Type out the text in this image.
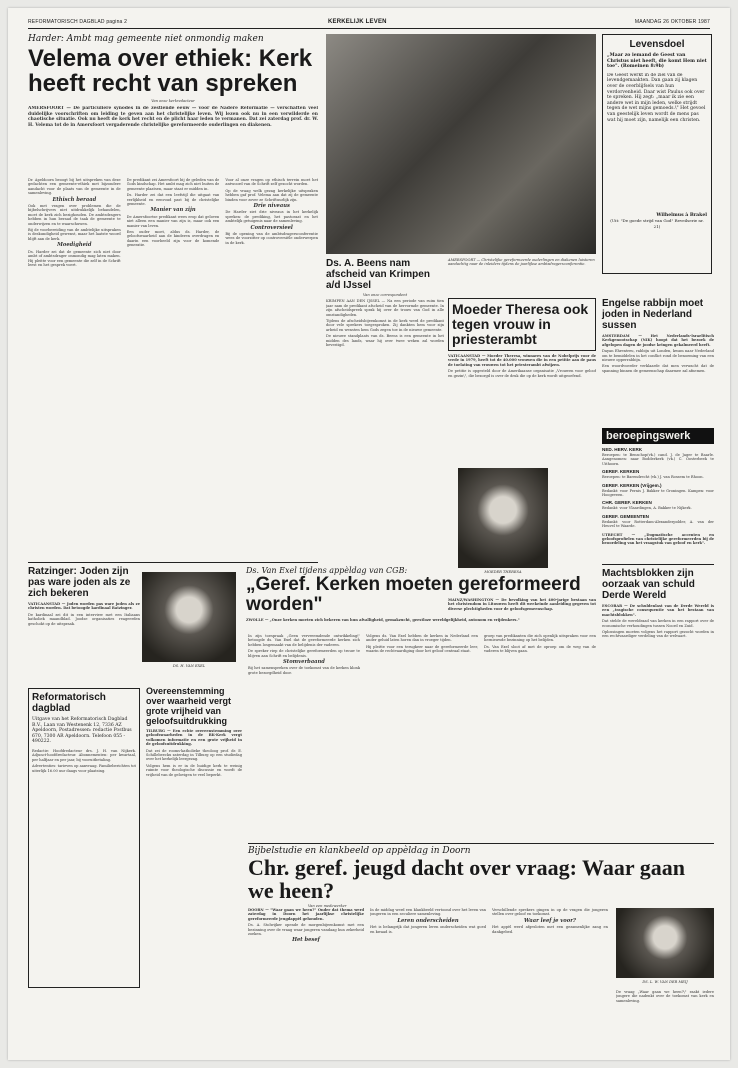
REFORMATORISCH DAGBLAD pagina 2	KERKELIJK LEVEN	MAANDAG 26 OKTOBER 1987
Harder: Ambt mag gemeente niet onmondig maken
Velema over ethiek: Kerk heeft recht van spreken
Van onze kerkredacteur
AMERSFOORT — De particuliere synodes in de zestiende eeuw — voor de Nadere Reformatie — verschaften veel duidelijke voorschriften om leiding te geven aan het christelijke leven. Wij lezen ook nu in een verwilderde en chaotische situatie. Ook nu heeft de kerk het recht en de plicht haar leden te vermanen. Dat zei zaterdag prof. dr. W. H. Velema tot de in Amersfoort vergaderende christelijke gereformeerde ouderlingen en diakenen.

Dr. Apeldoorn beoogt bij het uitspreken van deze gedachten een gemeente-ethiek met bijzondere aandacht voor de plaats van de gemeente in de samenleving.

Ethisch beraad

Ook met vragen over problemen die de bijbelschrijvers niet uitdrukkelijk behandelen, moet de kerk zich bezighouden. De ambtsdragers hebben in hun beraad de taak de gemeente te onderwijzen en te waarschuwen.

Bij de voorbereiding van de ambtelijke uitspraken is deskundigheid gewenst, maar het laatste woord blijft aan de kerk.

Moedigheid

Ds. Harder zei dat de gemeente zich niet door ambt of ambtsdrager onmondig mag laten maken. Hij pleitte voor een gemeente die zelf in de Schrift leest en het gesprek voert.

De predikant zei Amersfoort bij de geleden van de Gods kindschap. Het ambt mag zich niet buiten de gemeente plaatsen, maar staat er midden in.

Ds. Harder zei dat een leefstijl die uitgaat van eerlijkheid en eenvoud past bij de christelijke gemeente.

Manier van zijn

De Amersfoortse predikant wees erop dat geloven niet alleen een manier van zijn is, maar ook een manier van leven.

Een ouder moet, aldus ds. Harder, de geloofswaarheid aan de kinderen overdragen en daarin een voorbeeld zijn voor de komende generatie.

Voor al onze vragen op ethisch terrein moet het antwoord van de Schrift zelf gezocht worden.

Op de vraag welk gezag kerkelijke uitspraken hebben gaf prof. Velema aan dat zij de gemeente binden voor zover ze Schriftuurlijk zijn.

Drie niveaus

De Harder ziet drie niveaus in het kerkelijk spreken: de prediking, het pastoraat en het ambtelijk getuigenis naar de samenleving.

Controversieel

Bij de opening van de ambtsdragersconferentie wees de voorzitter op controversiële onderwerpen in de kerk.

AMERSFOORT — Christelijke gereformeerde ouderlingen en diakenen luisteren aandachtig naar de inleiders tijdens de jaarlijkse ambtsdragersconferentie.
Ds. A. Beens nam afscheid van Krimpen a/d IJssel
Van onze correspondent

KRIMPEN AAN DEN IJSSEL — Na een periode van ruim tien jaar nam de predikant afscheid van de hervormde gemeente. In zijn afscheidspreek sprak hij over de trouw van God in alle omstandigheden.

Tijdens de afscheidsbijeenkomst in de kerk werd de predikant door vele sprekers toegesproken. Zij dankten hem voor zijn arbeid en wensten hem Gods zegen toe in de nieuwe gemeente.

De nieuwe standplaats van ds. Beens is een gemeente in het midden des lands, waar hij over twee weken zal worden bevestigd.

Moeder Theresa ook tegen vrouw in priesterambt

VATICAANSTAD — Moeder Theresa, winnares van de Nobelprijs voor de vrede in 1979, heeft tot de 40.000 vrouwen die in een petitie aan de paus de toelating van vrouwen tot het priesterambt afwijzen.

De petitie is opgesteld door de Amerikaanse organisatie „Vrouwen voor geloof en gezin\", die bezorgd is over de druk die op de kerk wordt uitgeoefend.

MOEDER THERESA
Engelse rabbijn moet joden in Nederland sussen

AMSTERDAM — Het Nederlands-Israelitisch Kerkgenootschap (NIK) hoopt dat het bezoek de afgelopen dagen de joodse kringen gekalmeerd heeft.

Dayan Ehrentreu, rabbijn uit Londen, kwam naar Nederland om te bemiddelen in het conflict rond de benoeming van een nieuwe opperrabbijn.

Een woordvoerder verklaarde dat men verwacht dat de spanning binnen de gemeenschap daarmee zal afnemen.

Levensdoel
„Maar zo iemand de Geest van Christus niet heeft, die komt Hem niet toe". (Romeinen 8:9b)
De Geest werkt in de ziel van de levendgemaakten. Dan gaan zij klagen over de overblijfsels van hun verdorvenheid. Daar wist Paulus ook over te spreken. Hij zegt: „maar ik zie een andere wet in mijn leden, welke strijdt tegen de wet mijns gemoeds.\" Het gevoel van geestelijk leven wordt de mens pas wat hij moet zijn, namelijk een christen.
Wilhelmus à Brakel
(Uit: "De goede strijd van God" Reveilserie nr. 21)
beroepingswerk
NED. HERV. KERK
Beroepen: te Benschop(vk.) cand. J. de Jager te Baarle. Aangenomen: naar Bodderkerk (vk.) C. Oosterbeek te Uithoorn.
GEREF. KERKEN
Beroepen: te Barendrecht (vk.) J. van Rossem te Rhoon.
GEREF. KERKEN (Vrijgem.)
Bedankt: voor Pernis J. Bakker te Groningen. Kampen: voor Hoogeveen.
CHR. GEREF. KERKEN
Bedankt: voor Vlaardingen, A. Bakker te Nijkerk.
GEREF. GEMEENTEN
Bedankt: voor Rotterdam-Alexanderpolder, A. van der Heuvel te Waarde.
UTRECHT — „Dogmatische accenten en geloofsprofielen van christelijke gereformeerden bij de beoordeling van het vraagstuk van geloof en kerk".
Machtsblokken zijn oorzaak van schuld Derde Wereld

ESCOBAR — De schuldenlast van de Derde Wereld is een „tragische consequentie van het bestaan van machtsblokken".

Dat stelde de wereldraad van kerken in een rapport over de economische verhoudingen tussen Noord en Zuid.

Oplossingen moeten volgens het rapport gezocht worden in een rechtvaardiger verdeling van de welvaart.

Ratzinger: Joden zijn pas ware joden als ze zich bekeren

VATICAANSTAD — Joden worden pas ware joden als ze christen worden. Dat betoogde kardinaal Ratzinger.

De kardinaal zei dit in een interview met een Italiaans katholiek maandblad. Joodse organisaties reageerden geschokt op de uitspraak.

Reformatorisch dagblad
Uitgave van het Reformatorisch Dagblad B.V., Laan van Westenenk 12, 7336 AZ Apeldoorn, Postadressen: redactie Postbus 670, 7300 AR Apeldoorn. Telefoon 055 - 490222.

Redactie: Hoofdredacteur drs. J. H. van Nijkerk. Adjunct-hoofdredacteur. Abonnementen: per kwartaal, per halfjaar en per jaar, bij vooruitbetaling.

Advertenties: tarieven op aanvraag. Familieberichten tot uiterlijk 16.00 uur daags voor plaatsing.

Ds. Van Exel tijdens appèldag van CGB:
„Geref. Kerken moeten gereformeerd worden"
ZWOLLE — „Onze kerken moeten zich bekeren van hun afvalligheid, gemakzucht, geestloze wereldgelijkheid, autonom en vrijdenkers."
DS. H. VAN EXEL

In zijn toespraak „Geen vervreemdende ontwikkeling\" betoogde ds. Van Exel dat de gereformeerde kerken zich hebben losgemaakt van de belijdenis der vaderen.

De spreker riep de christelijke gereformeerden op trouw te blijven aan Schrift en belijdenis.

Stomverbaand

Bij het samenspreken over de toekomst van de kerken klonk grote bezorgdheid door.

Volgens ds. Van Exel hebben de kerken in Nederland een ander geluid laten horen dan in vroeger tijden.

Hij pleitte voor een terugkeer naar de gereformeerde leer, waarin de rechtvaardiging door het geloof centraal staat.

groep van predikanten die zich openlijk uitspraken voor een hernieuwde bezinning op het belijden.

Ds. Van Exel sloot af met de oproep om de weg van de vaderen te blijven gaan.

Overeenstemming over waarheid vergt grote vrijheid van geloofsuitdrukking

TILBURG — Een echte overeenstemming over geloofswaarheden in de RK-Kerk vergt volkomen informatie en een grote vrijheid in de geloofsuitdrukking.

Dat zei de rooms-katholieke theoloog prof. dr. E. Schillebeeckx zaterdag in Tilburg op een studiedag over het kerkelijk leergezag.

Volgens hem is er in de huidige kerk te weinig ruimte voor theologische discussie en wordt de vrijheid van de gelovigen te veel beperkt.

MAINZ/WASHINGTON — De bevolking van het 400-jarige bestaan van het christendom in Litouwen heeft dit weekeinde aanleiding gegeven tot diverse plechtigheden voor de geloofsgemeenschap.
Bijbelstudie en klankbeeld op appèldag in Doorn
Chr. geref. jeugd dacht over vraag: Waar gaan we heen?
Van een medewerker

DOORN — "Waar gaan we heen?" Onder dat thema werd zaterdag in Doorn het jaarlijkse christelijke gereformeerde jeugdappèl gehouden.

Ds. A. Stolwijker opende de morgenbijeenkomst met een bezinning over de vraag waar jongeren vandaag hun zekerheid zoeken.

Het besef

In de middag werd een klankbeeld vertoond over het leven van jongeren in een seculiere samenleving.

Leren onderscheiden

Het is belangrijk dat jongeren leren onderscheiden wat goed en kwaad is.

Verschillende sprekers gingen in op de vragen die jongeren stellen over geloof en toekomst.

Waar leef je voor?

Het appèl werd afgesloten met een gezamenlijke zang en dankgebed.

DS. L. W. VAN DER MEIJ

De vraag „Waar gaan we heen?\" raakt iedere jongere die nadenkt over de toekomst van kerk en samenleving.
